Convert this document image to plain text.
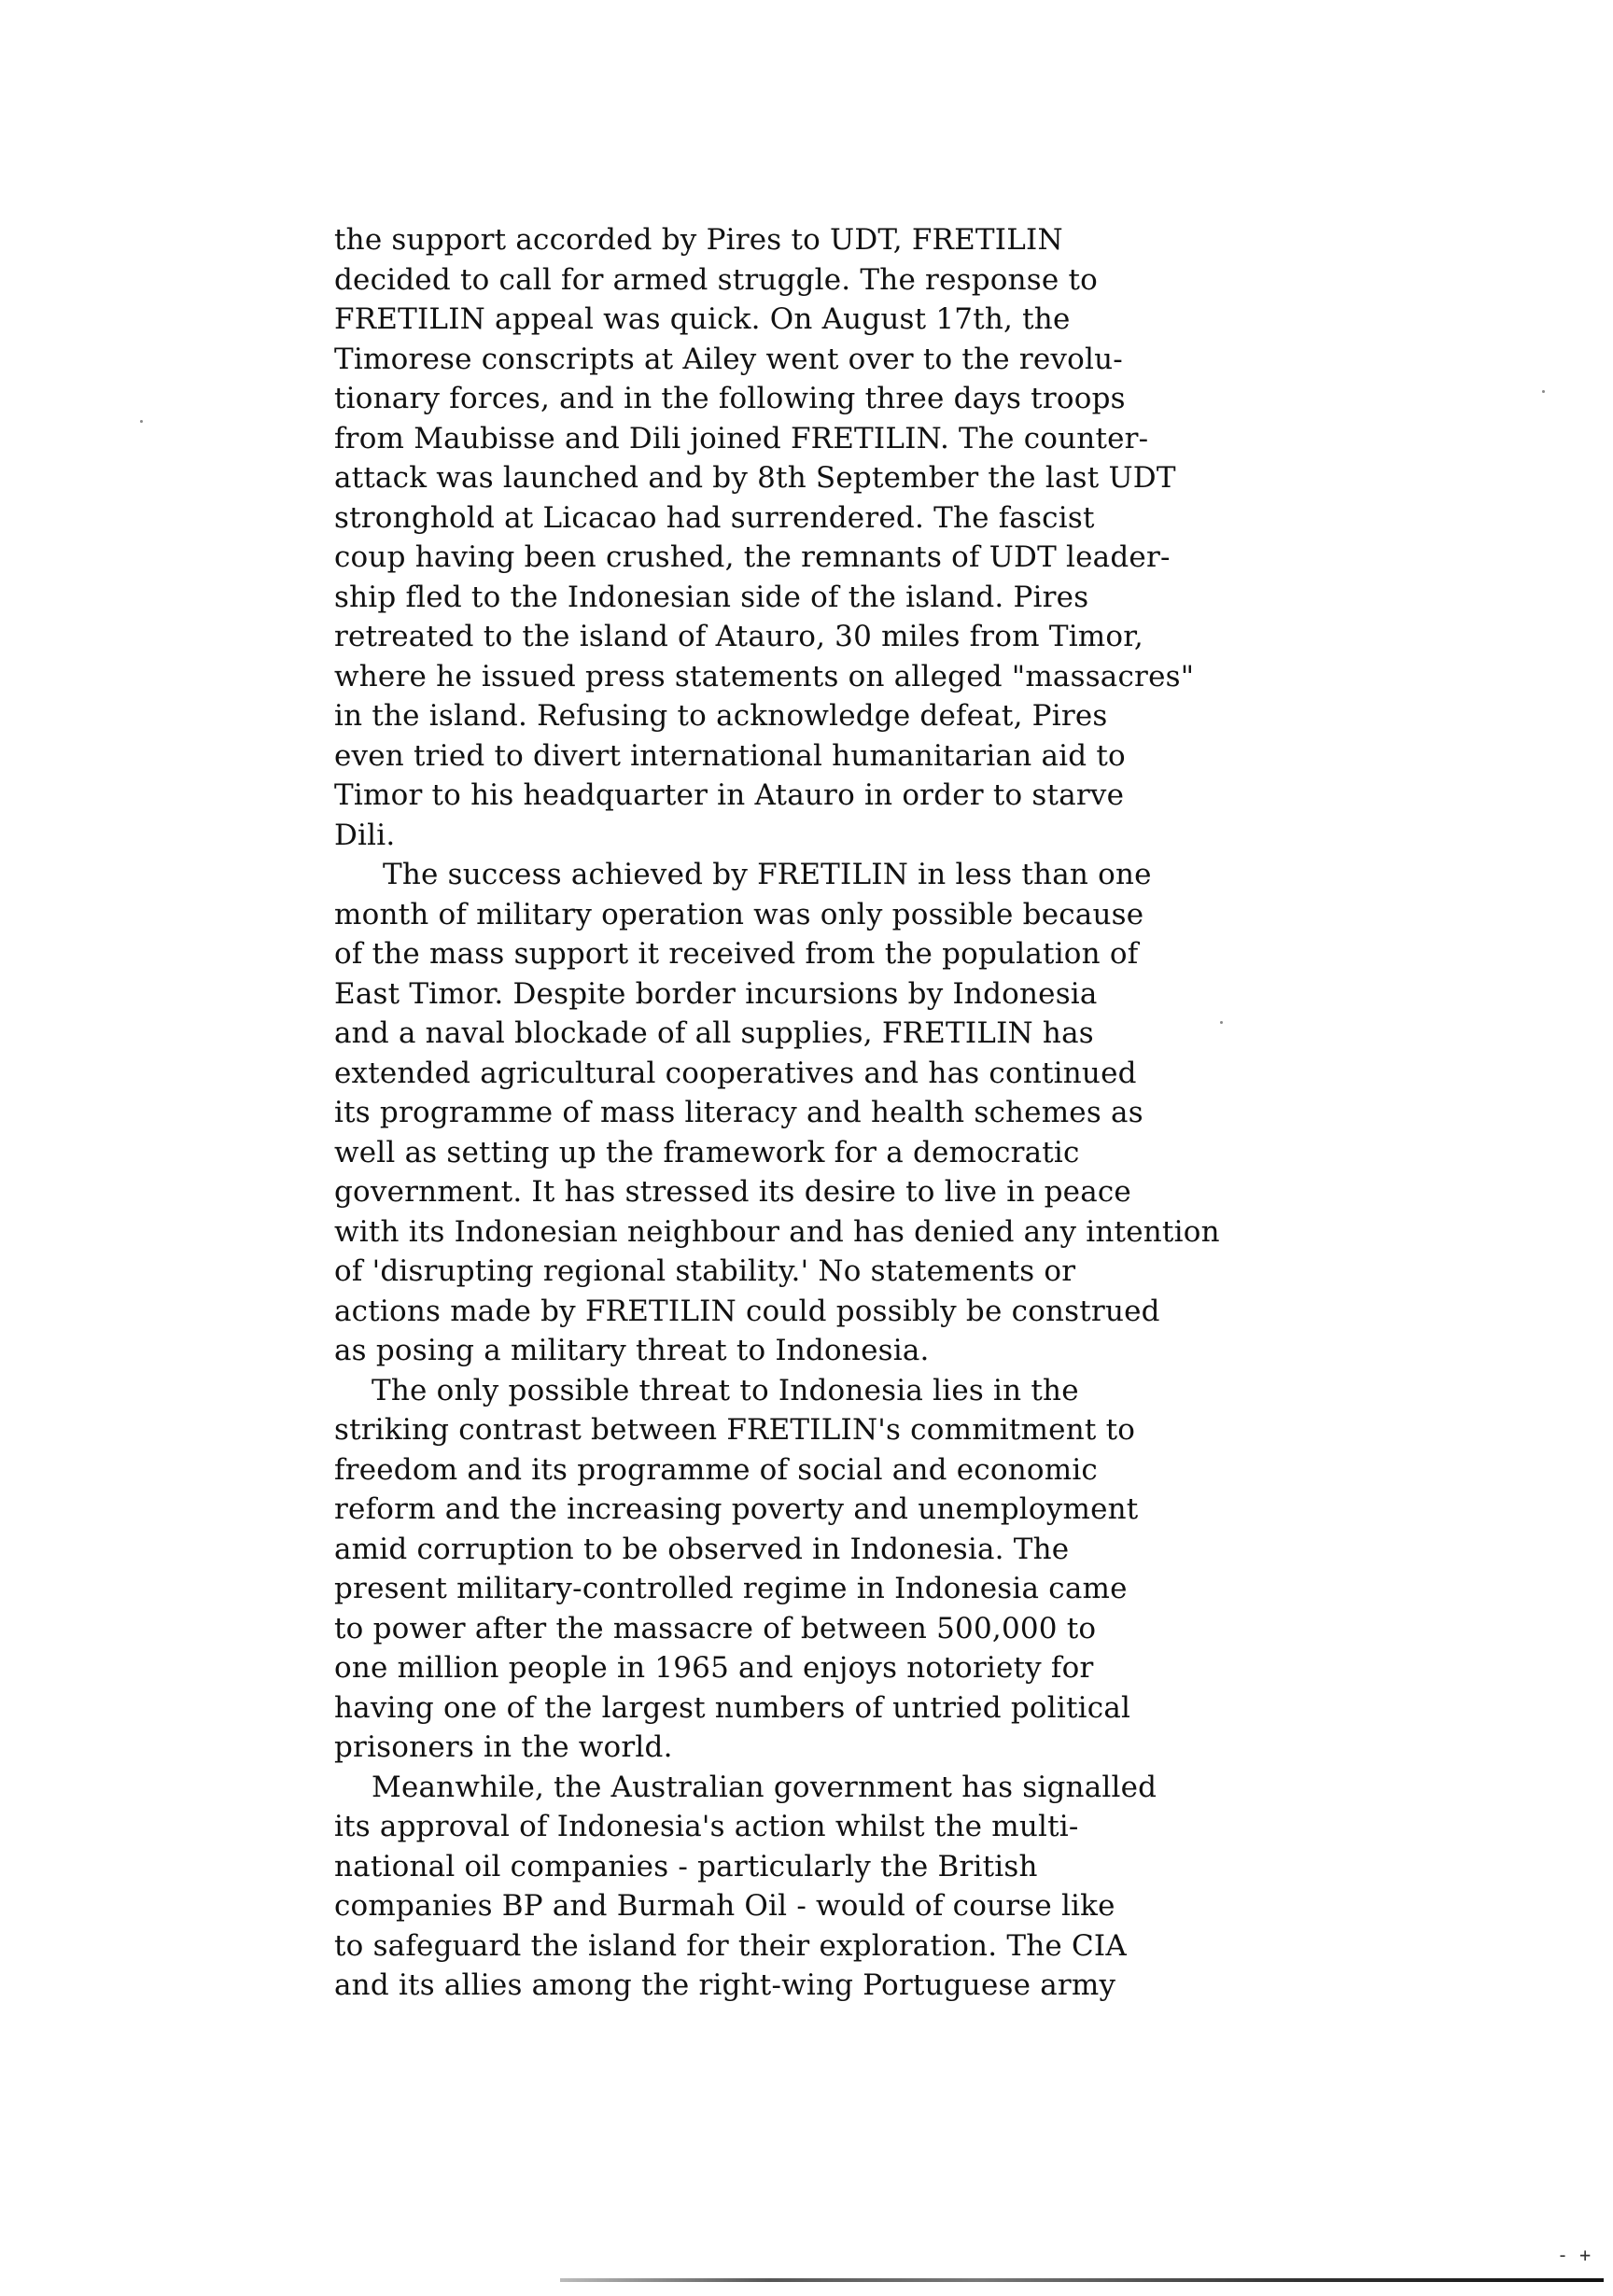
the support accorded by Pires to UDT, FRETILIN
decided to call for armed struggle. The response to
FRETILIN appeal was quick. On August 17th, the
Timorese conscripts at Ailey went over to the revolu-
tionary forces, and in the following three days troops
from Maubisse and Dili joined FRETILIN. The counter-
attack was launched and by 8th September the last UDT
stronghold at Licacao had surrendered. The fascist
coup having been crushed, the remnants of UDT leader-
ship fled to the Indonesian side of the island. Pires
retreated to the island of Atauro, 30 miles from Timor,
where he issued press statements on alleged "massacres"
in the island. Refusing to acknowledge defeat, Pires
even tried to divert international humanitarian aid to
Timor to his headquarter in Atauro in order to starve
Dili.
The success achieved by FRETILIN in less than one
month of military operation was only possible because
of the mass support it received from the population of
East Timor. Despite border incursions by Indonesia
and a naval blockade of all supplies, FRETILIN has
extended agricultural cooperatives and has continued
its programme of mass literacy and health schemes as
well as setting up the framework for a democratic
government. It has stressed its desire to live in peace
with its Indonesian neighbour and has denied any intention
of 'disrupting regional stability.' No statements or
actions made by FRETILIN could possibly be construed
as posing a military threat to Indonesia.
The only possible threat to Indonesia lies in the
striking contrast between FRETILIN's commitment to
freedom and its programme of social and economic
reform and the increasing poverty and unemployment
amid corruption to be observed in Indonesia. The
present military-controlled regime in Indonesia came
to power after the massacre of between 500,000 to
one million people in 1965 and enjoys notoriety for
having one of the largest numbers of untried political
prisoners in the world.
Meanwhile, the Australian government has signalled
its approval of Indonesia's action whilst the multi-
national oil companies - particularly the British
companies BP and Burmah Oil - would of course like
to safeguard the island for their exploration. The CIA
and its allies among the right-wing Portuguese army
- +
